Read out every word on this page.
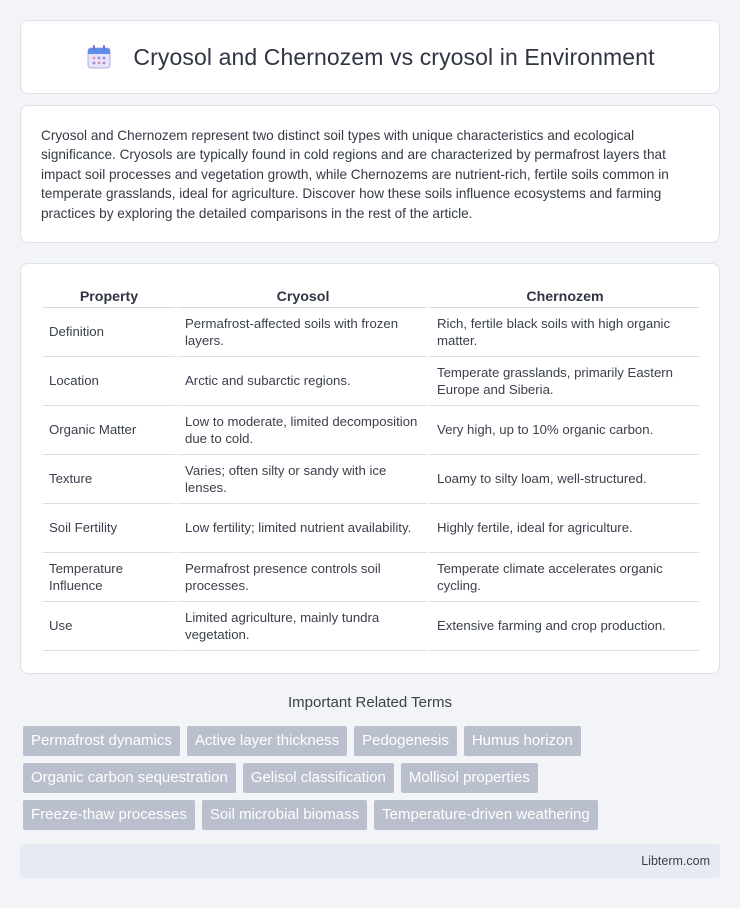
Cryosol and Chernozem vs cryosol in Environment

Cryosol and Chernozem represent two distinct soil types with unique characteristics and ecological significance. Cryosols are typically found in cold regions and are characterized by permafrost layers that impact soil processes and vegetation growth, while Chernozems are nutrient-rich, fertile soils common in temperate grasslands, ideal for agriculture. Discover how these soils influence ecosystems and farming practices by exploring the detailed comparisons in the rest of the article.

Property	Cryosol	Chernozem
Definition	Permafrost-affected soils with frozen layers.	Rich, fertile black soils with high organic matter.
Location	Arctic and subarctic regions.	Temperate grasslands, primarily Eastern Europe and Siberia.
Organic Matter	Low to moderate, limited decomposition due to cold.	Very high, up to 10% organic carbon.
Texture	Varies; often silty or sandy with ice lenses.	Loamy to silty loam, well-structured.
Soil Fertility	Low fertility; limited nutrient availability.	Highly fertile, ideal for agriculture.
Temperature Influence	Permafrost presence controls soil processes.	Temperate climate accelerates organic cycling.
Use	Limited agriculture, mainly tundra vegetation.	Extensive farming and crop production.
Important Related Terms
Permafrost dynamics	Active layer thickness	Pedogenesis	Humus horizon
Organic carbon sequestration	Gelisol classification	Mollisol properties
Freeze-thaw processes	Soil microbial biomass	Temperature-driven weathering
Libterm.com
